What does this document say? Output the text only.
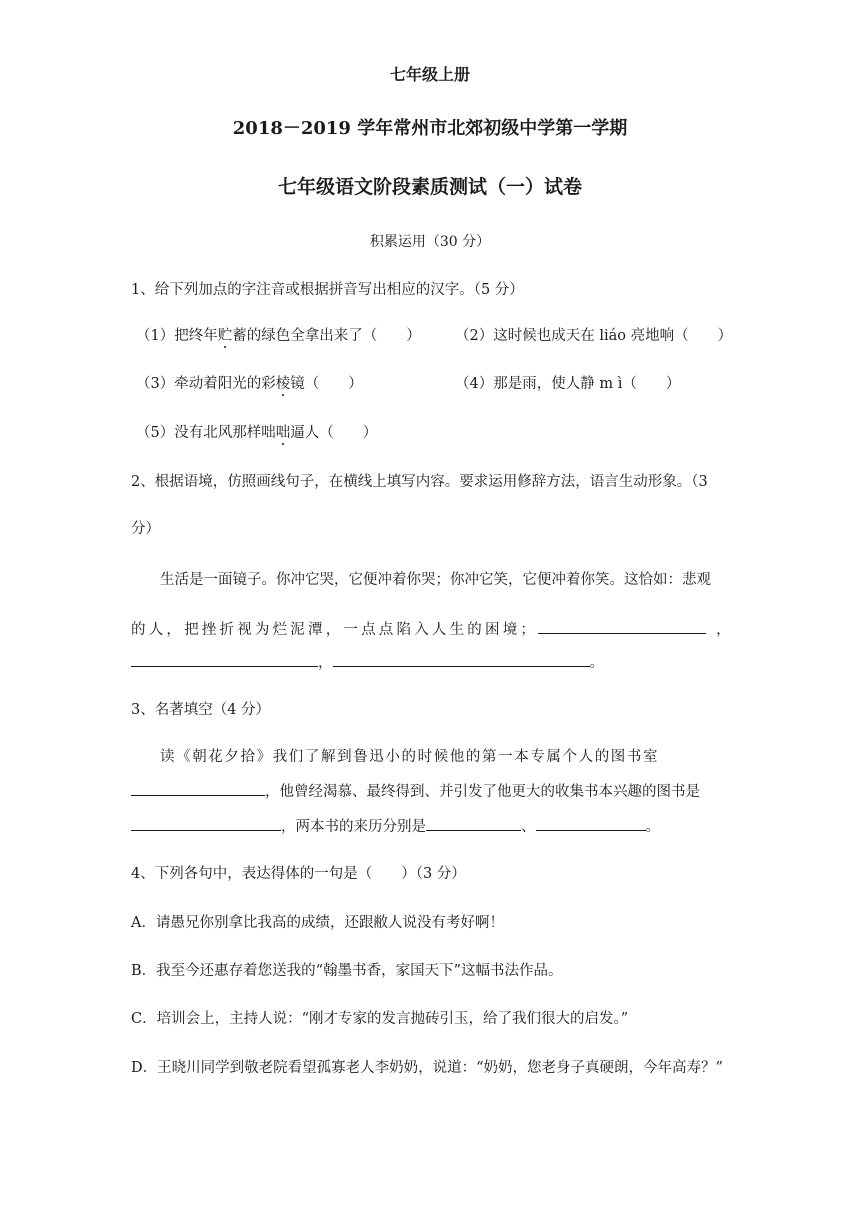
七年级上册
2018－2019 学年常州市北郊初级中学第一学期
七年级语文阶段素质测试（一）试卷
积累运用（30 分）
1、给下列加点的字注音或根据拼音写出相应的汉字。（5 分）
（1）把终年贮蓄的绿色全拿出来了（　　） （2）这时候也成天在 liáo 亮地响（　　）
（3）牵动着阳光的彩棱镜（　　）	（4）那是雨，使人静 m ì（　　）
（5）没有北风那样咄咄逼人（　　）
2、根据语境，仿照画线句子，在横线上填写内容。要求运用修辞方法，语言生动形象。（3
分）
生活是一面镜子。你冲它哭，它便冲着你哭；你冲它笑，它便冲着你笑。这恰如：悲观
的人，把挫折视为烂泥潭，一点点陷入人生的困境；	，
，	。
3、名著填空（4 分）
读《朝花夕拾》我们了解到鲁迅小的时候他的第一本专属个人的图书室
，他曾经渴慕、最终得到、并引发了他更大的收集书本兴趣的图书是
，两本书的来历分别是	、	。
4、下列各句中，表达得体的一句是（　　）（3 分）
A．请愚兄你别拿比我高的成绩，还跟敝人说没有考好啊！
B．我至今还惠存着您送我的“翰墨书香，家国天下”这幅书法作品。
C．培训会上，主持人说：“刚才专家的发言抛砖引玉，给了我们很大的启发。”
D．王晓川同学到敬老院看望孤寡老人李奶奶，说道：“奶奶，您老身子真硬朗，今年高寿？”
